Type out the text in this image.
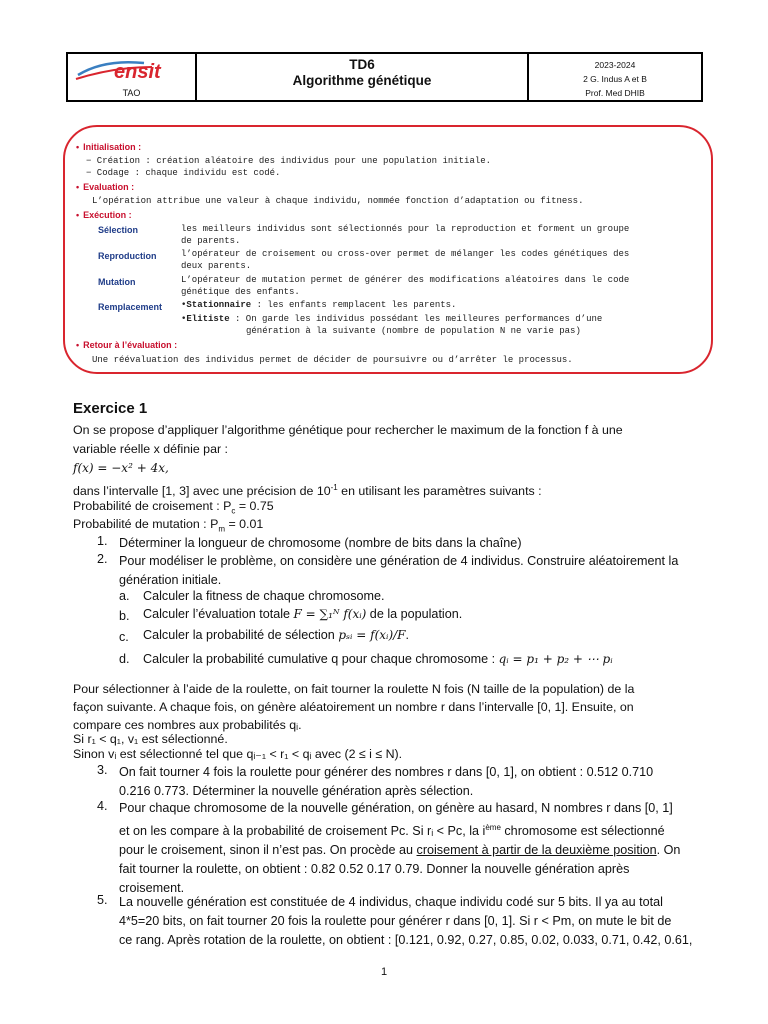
ensit
TAO
TD6
Algorithme génétique
2023-2024
2 G. Indus A et B
Prof. Med DHIB
• Initialisation :
− Création : création aléatoire des individus pour une population initiale.
− Codage : chaque individu est codé.
• Evaluation :
L’opération attribue une valeur à chaque individu, nommée fonction d’adaptation ou fitness.
• Exécution :
Sélection	les meilleurs individus sont sélectionnés pour la reproduction et forment un groupe
de parents.
Reproduction	l’opérateur de croisement ou cross-over permet de mélanger les codes génétiques des
deux parents.
Mutation	L’opérateur de mutation permet de générer des modifications aléatoires dans le code
génétique des enfants.
Remplacement •Stationnaire : les enfants remplacent les parents.
•Elitiste : On garde les individus possédant les meilleures performances d’une
génération à la suivante (nombre de population N ne varie pas)
• Retour à l’évaluation :
Une réévaluation des individus permet de décider de poursuivre ou d’arrêter le processus.
Exercice 1
On se propose d’appliquer l’algorithme génétique pour rechercher le maximum de la fonction f à une
variable réelle x définie par :
f(x) = −x² + 4x,
dans l’intervalle [1, 3] avec une précision de $10^{-1}$ en utilisant les paramètres suivants :
Probabilité de croisement : $P_c = 0.75$
Probabilité de mutation : $P_m = 0.01$
1. Déterminer la longueur de chromosome (nombre de bits dans la chaîne)
2. Pour modéliser le problème, on considère une génération de 4 individus. Construire aléatoirement la
génération initiale.
a. Calculer la fitness de chaque chromosome.
b. Calculer l’évaluation totale F = ∑₁ᴺ f(xᵢ) de la population.
c. Calculer la probabilité de sélection pₛᵢ = f(xᵢ)/F.
d. Calculer la probabilité cumulative q pour chaque chromosome : qᵢ = p₁ + p₂ + ⋯ pᵢ
Pour sélectionner à l’aide de la roulette, on fait tourner la roulette N fois (N taille de la population) de la
façon suivante. A chaque fois, on génère aléatoirement un nombre r dans l’intervalle [0, 1]. Ensuite, on
compare ces nombres aux probabilités qᵢ.
Si r₁ < q₁, v₁ est sélectionné.
Sinon vᵢ est sélectionné tel que qᵢ₋₁ < r₁ < qᵢ avec (2 ≤ i ≤ N).
3. On fait tourner 4 fois la roulette pour générer des nombres r dans [0, 1], on obtient : 0.512 0.710
0.216 0.773. Déterminer la nouvelle génération après sélection.
4. Pour chaque chromosome de la nouvelle génération, on génère au hasard, N nombres r dans [0, 1]
et on les compare à la probabilité de croisement Pc. Si rᵢ < Pc, la $i^{ème}$ chromosome est sélectionné
pour le croisement, sinon il n’est pas. On procède au croisement à partir de la deuxième position. On
fait tourner la roulette, on obtient : 0.82 0.52 0.17 0.79. Donner la nouvelle génération après
croisement.
5. La nouvelle génération est constituée de 4 individus, chaque individu codé sur 5 bits. Il ya au total
4*5=20 bits, on fait tourner 20 fois la roulette pour générer r dans [0, 1]. Si r < Pm, on mute le bit de
ce rang. Après rotation de la roulette, on obtient : [0.121, 0.92, 0.27, 0.85, 0.02, 0.033, 0.71, 0.42, 0.61,
1
